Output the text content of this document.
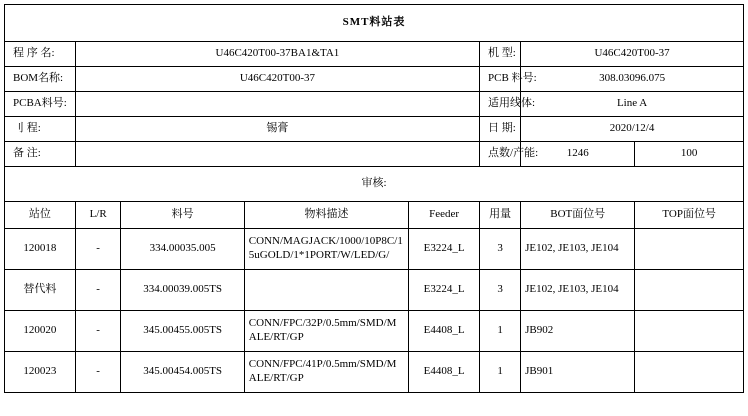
SMT料站表							
程 序 名:	U46C420T00-37BA1&TA1				机 型:	U46C420T00-37	
BOM名称:	U46C420T00-37				PCB 料号:	308.03096.075	
PCBA料号:					适用线体:	Line A	
刂 程:	锡膏				日 期:	2020/12/4	
备 注:					点数/产能:	1246	100
审核:							
站位	L/R	料号	物料描述	Feeder	用量	BOT面位号	TOP面位号
120018	-	334.00035.005	CONN/MAGJACK/1000/10P8C/15uGOLD/1*1PORT/W/LED/G/	E3224_L	3	JE102, JE103, JE104	
替代料	-	334.00039.005TS		E3224_L	3	JE102, JE103, JE104	
120020	-	345.00455.005TS	CONN/FPC/32P/0.5mm/SMD/MALE/RT/GP	E4408_L	1	JB902	
120023	-	345.00454.005TS	CONN/FPC/41P/0.5mm/SMD/MALE/RT/GP	E4408_L	1	JB901	
